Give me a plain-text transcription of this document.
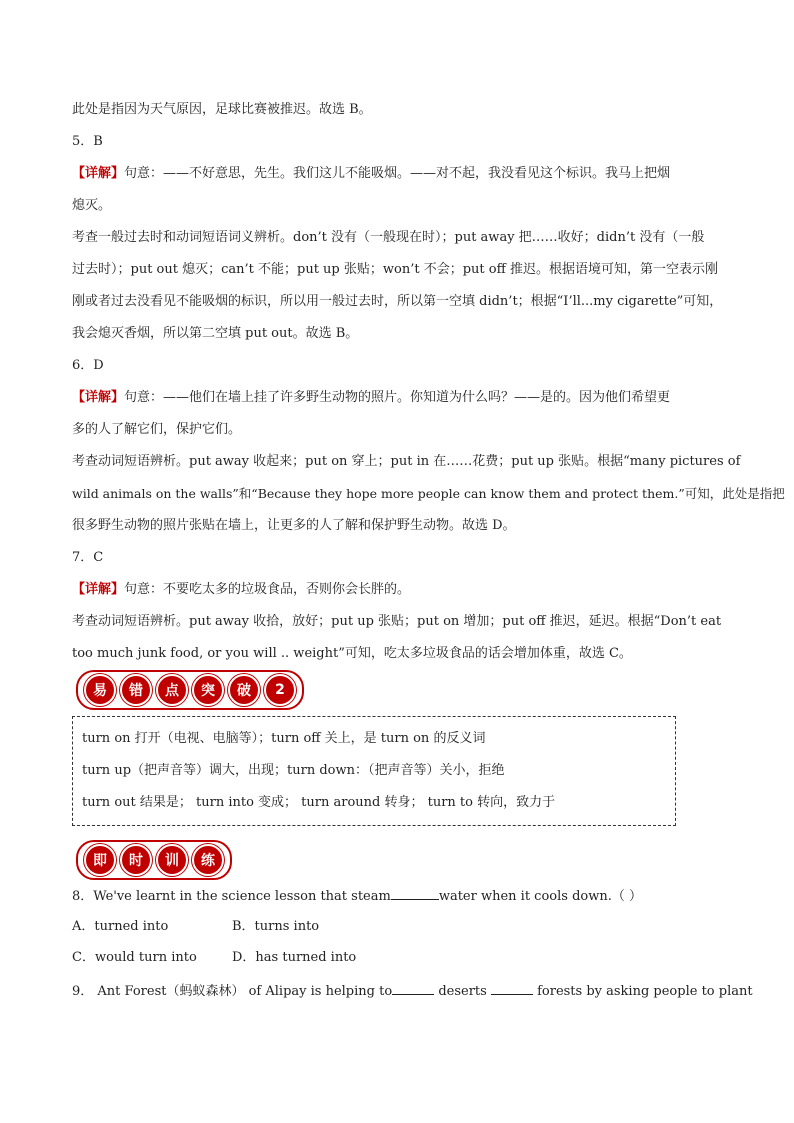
此处是指因为天气原因，足球比赛被推迟。故选 B。
5．B
【详解】句意：——不好意思，先生。我们这儿不能吸烟。——对不起，我没看见这个标识。我马上把烟
熄灭。
考查一般过去时和动词短语词义辨析。don’t 没有（一般现在时）；put away 把……收好；didn’t 没有（一般
过去时）；put out 熄灭；can’t 不能；put up 张贴；won’t 不会；put off 推迟。根据语境可知，第一空表示刚
刚或者过去没看见不能吸烟的标识，所以用一般过去时，所以第一空填 didn’t；根据“I’ll...my cigarette”可知，
我会熄灭香烟，所以第二空填 put out。故选 B。
6．D
【详解】句意：——他们在墙上挂了许多野生动物的照片。你知道为什么吗？——是的。因为他们希望更
多的人了解它们，保护它们。
考查动词短语辨析。put away 收起来；put on 穿上；put in 在……花费；put up 张贴。根据“many pictures of
wild animals on the walls”和“Because they hope more people can know them and protect them.”可知，此处是指把
很多野生动物的照片张贴在墙上，让更多的人了解和保护野生动物。故选 D。
7．C
【详解】句意：不要吃太多的垃圾食品，否则你会长胖的。
考查动词短语辨析。put away 收拾，放好；put up 张贴；put on 增加；put off 推迟，延迟。根据“Don’t eat
too much junk food, or you will .. weight”可知，吃太多垃圾食品的话会增加体重，故选 C。
易	错	点	突	破	2
turn on 打开（电视、电脑等）；turn off 关上，是 turn on 的反义词
turn up（把声音等）调大，出现；turn down：（把声音等）关小，拒绝
turn out 结果是； turn into 变成； turn around 转身； turn to 转向，致力于
即	时	训	练
8．We've learnt in the science lesson that steam	water when it cools down.（ ）
A．turned into	B．turns into
C．would turn into	D．has turned into
9． Ant Forest（蚂蚁森林） of Alipay is helping to	deserts	forests by asking people to plant
